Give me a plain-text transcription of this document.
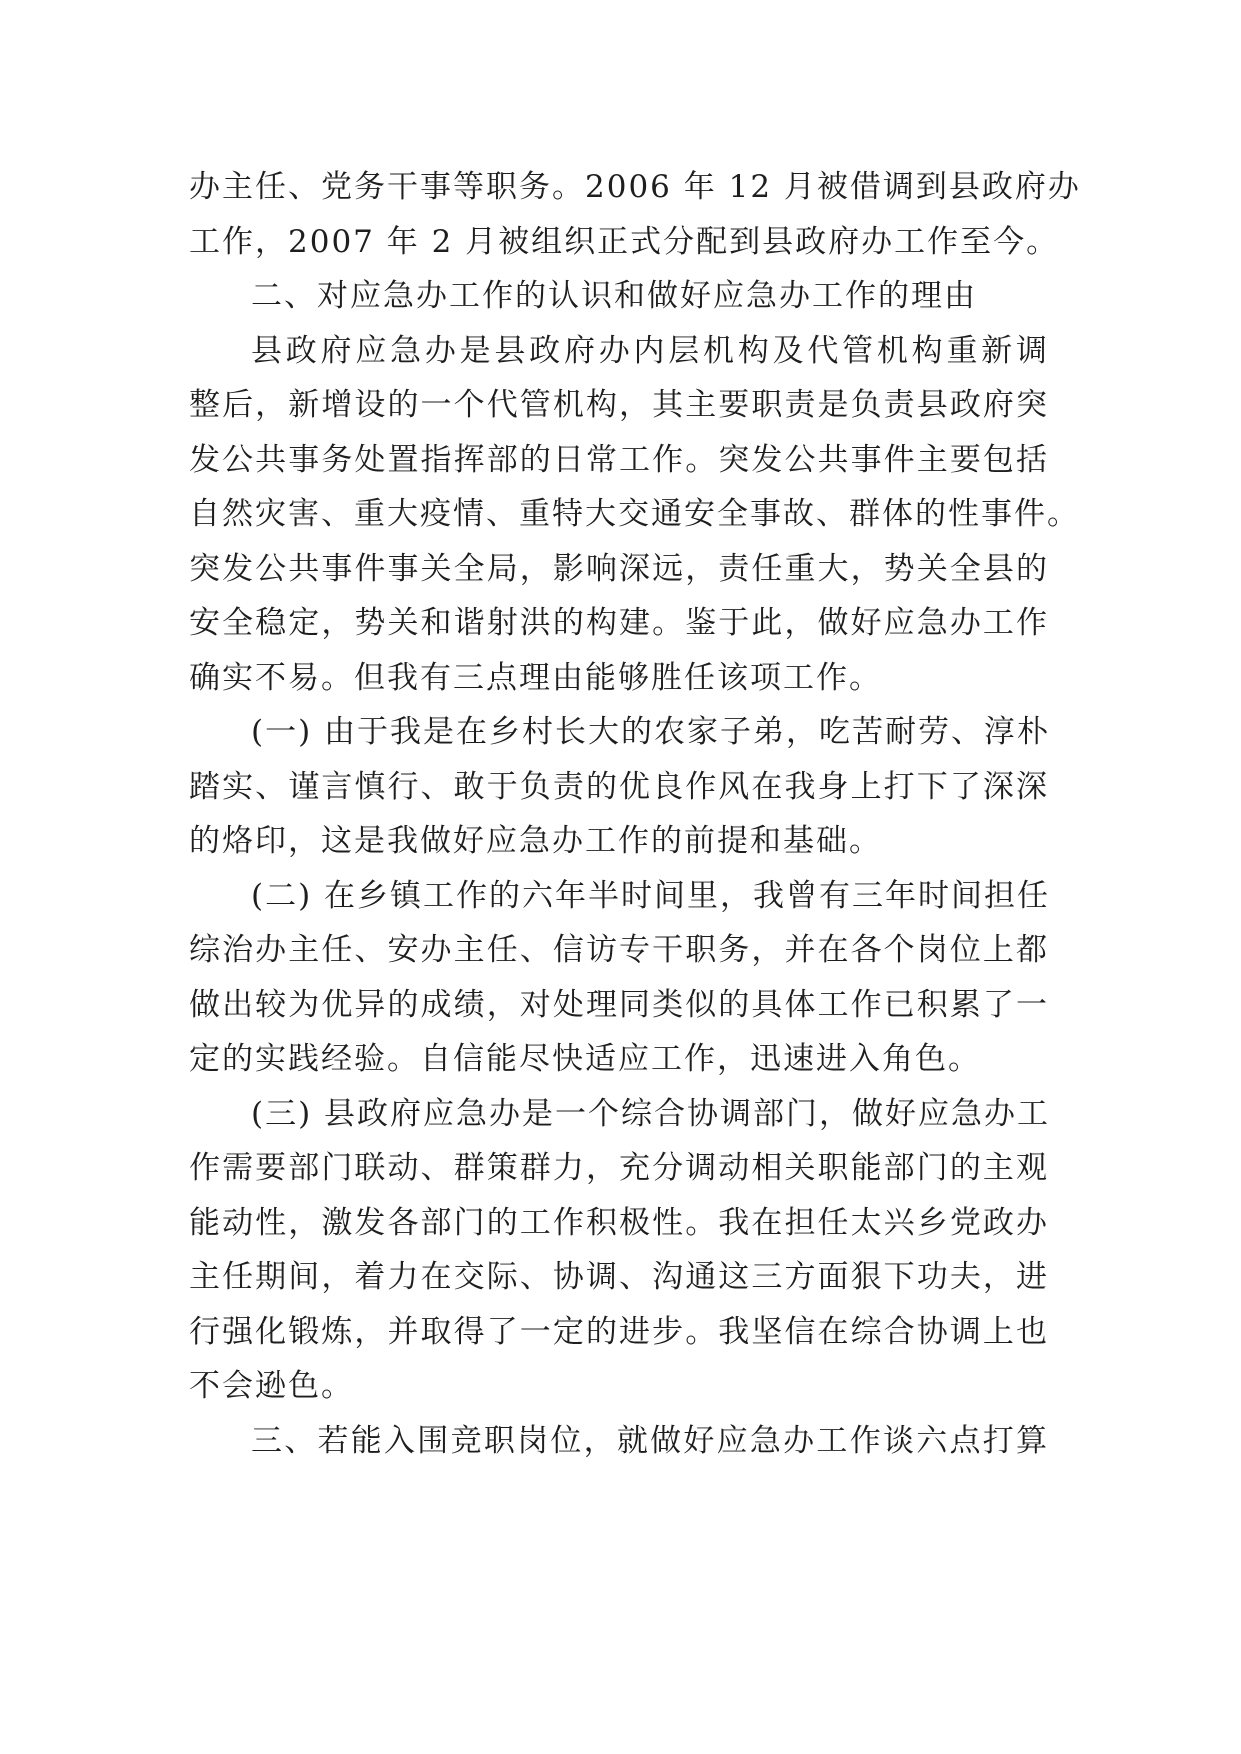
办主任、党务干事等职务。2006 年 12 月被借调到县政府办
工作，2007 年 2 月被组织正式分配到县政府办工作至今。
二、对应急办工作的认识和做好应急办工作的理由
县政府应急办是县政府办内层机构及代管机构重新调
整后，新增设的一个代管机构，其主要职责是负责县政府突
发公共事务处置指挥部的日常工作。突发公共事件主要包括
自然灾害、重大疫情、重特大交通安全事故、群体的性事件。
突发公共事件事关全局，影响深远，责任重大，势关全县的
安全稳定，势关和谐射洪的构建。鉴于此，做好应急办工作
确实不易。但我有三点理由能够胜任该项工作。
(一) 由于我是在乡村长大的农家子弟，吃苦耐劳、淳朴
踏实、谨言慎行、敢于负责的优良作风在我身上打下了深深
的烙印，这是我做好应急办工作的前提和基础。
(二) 在乡镇工作的六年半时间里，我曾有三年时间担任
综治办主任、安办主任、信访专干职务，并在各个岗位上都
做出较为优异的成绩，对处理同类似的具体工作已积累了一
定的实践经验。自信能尽快适应工作，迅速进入角色。
(三) 县政府应急办是一个综合协调部门，做好应急办工
作需要部门联动、群策群力，充分调动相关职能部门的主观
能动性，激发各部门的工作积极性。我在担任太兴乡党政办
主任期间，着力在交际、协调、沟通这三方面狠下功夫，进
行强化锻炼，并取得了一定的进步。我坚信在综合协调上也
不会逊色。
三、若能入围竞职岗位，就做好应急办工作谈六点打算
